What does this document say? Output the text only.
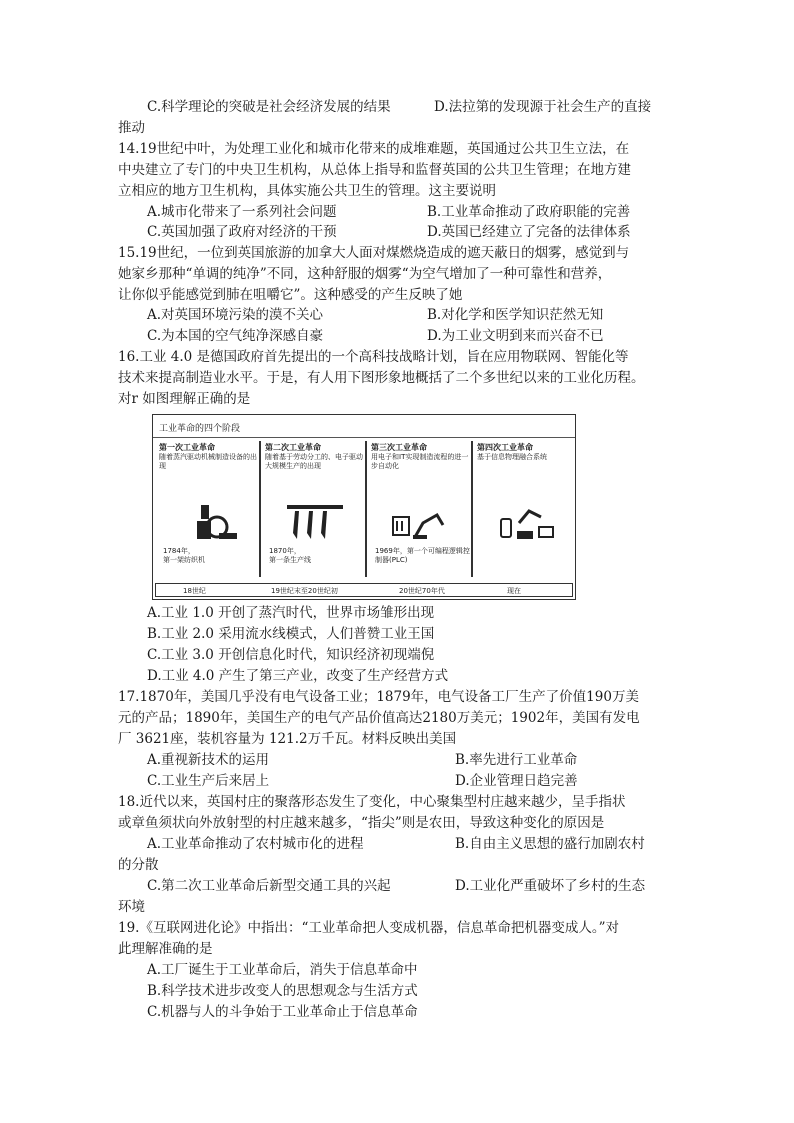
C.科学理论的突破是社会经济发展的结果	D.法拉第的发现源于社会生产的直接
推动
14.19世纪中叶，为处理工业化和城市化带来的成堆难题，英国通过公共卫生立法，在
中央建立了专门的中央卫生机构，从总体上指导和监督英国的公共卫生管理；在地方建
立相应的地方卫生机构，具体实施公共卫生的管理。这主要说明
A.城市化带来了一系列社会问题	B.工业革命推动了政府职能的完善
C.英国加强了政府对经济的干预	D.英国已经建立了完备的法律体系
15.19世纪，一位到英国旅游的加拿大人面对煤燃烧造成的遮天蔽日的烟雾，感觉到与
她家乡那种“单调的纯净”不同，这种舒服的烟雾“为空气增加了一种可靠性和营养，
让你似乎能感觉到肺在咀嚼它”。这种感受的产生反映了她
A.对英国环境污染的漠不关心	B.对化学和医学知识茫然无知
C.为本国的空气纯净深感自豪	D.为工业文明到来而兴奋不已
16.工业 4.0 是德国政府首先提出的一个高科技战略计划，旨在应用物联网、智能化等
技术来提高制造业水平。于是，有人用下图形象地概括了二个多世纪以来的工业化历程。
对r 如图理解正确的是
工业革命的四个阶段
第一次工业革命
随着蒸汽驱动机械制造设备的出现
1784年，
第一架纺织机
第二次工业革命
随着基于劳动分工的、电子驱动大规模生产的出现
1870年，
第一条生产线
第三次工业革命
用电子和IT实现制造流程的进一步自动化
1969年，第一个可编程逻辑控制器(PLC)
第四次工业革命
基于信息物理融合系统
18世纪	19世纪末至20世纪初	20世纪70年代	现在
A.工业 1.0 开创了蒸汽时代，世界市场雏形出现
B.工业 2.0 采用流水线模式，人们普赞工业王国
C.工业 3.0 开创信息化时代，知识经济初现端倪
D.工业 4.0 产生了第三产业，改变了生产经营方式
17.1870年，美国几乎没有电气设备工业；1879年，电气设备工厂生产了价值190万美
元的产品；1890年，美国生产的电气产品价值高达2180万美元；1902年，美国有发电
厂 3621座，装机容量为 121.2万千瓦。材料反映出美国
A.重视新技术的运用	B.率先进行工业革命
C.工业生产后来居上	D.企业管理日趋完善
18.近代以来，英国村庄的聚落形态发生了变化，中心聚集型村庄越来越少，呈手指状
或章鱼须状向外放射型的村庄越来越多，“指尖”则是农田，导致这种变化的原因是
A.工业革命推动了农村城市化的进程	B.自由主义思想的盛行加剧农村
的分散
C.第二次工业革命后新型交通工具的兴起	D.工业化严重破坏了乡村的生态
环境
19.《互联网进化论》中指出：“工业革命把人变成机器，信息革命把机器变成人。”对
此理解准确的是
A.工厂诞生于工业革命后，消失于信息革命中
B.科学技术进步改变人的思想观念与生活方式
C.机器与人的斗争始于工业革命止于信息革命
